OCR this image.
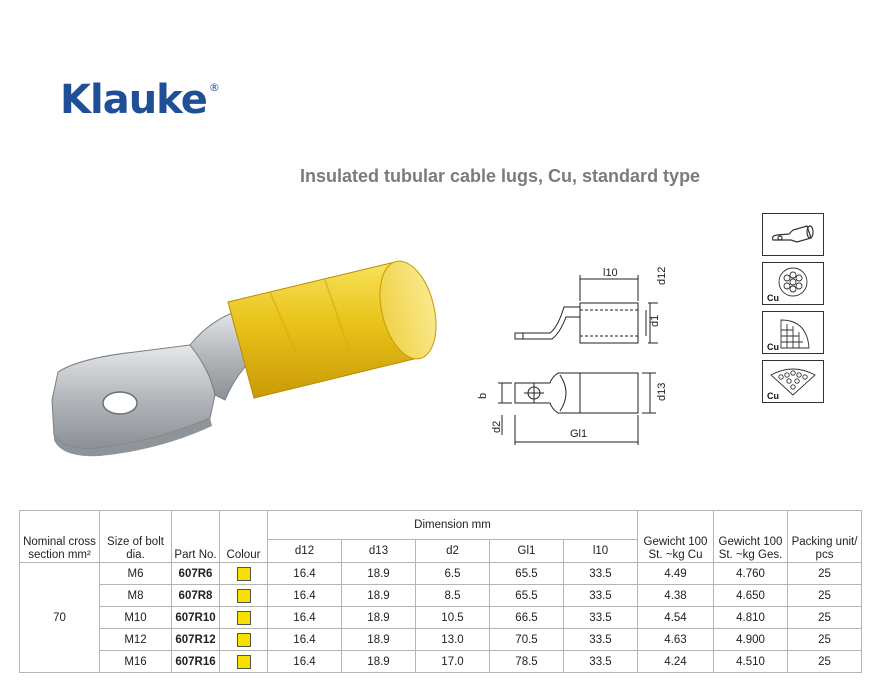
Klauke ®
Insulated tubular cable lugs, Cu, standard type
l10	d12
d1
b	d13
d2
Gl1
Cu
Cu
Cu
Nominal cross section mm²	Size of bolt dia.	Part No.	Colour	Dimension mm					Gewicht 100 St. ~kg Cu	Gewicht 100 St. ~kg Ges.	Packing unit/ pcs
				d12	d13	d2	Gl1	l10			
70	M6	607R6		16.4	18.9	6.5	65.5	33.5	4.49	4.760	25
	M8	607R8		16.4	18.9	8.5	65.5	33.5	4.38	4.650	25
	M10	607R10		16.4	18.9	10.5	66.5	33.5	4.54	4.810	25
	M12	607R12		16.4	18.9	13.0	70.5	33.5	4.63	4.900	25
	M16	607R16		16.4	18.9	17.0	78.5	33.5	4.24	4.510	25
